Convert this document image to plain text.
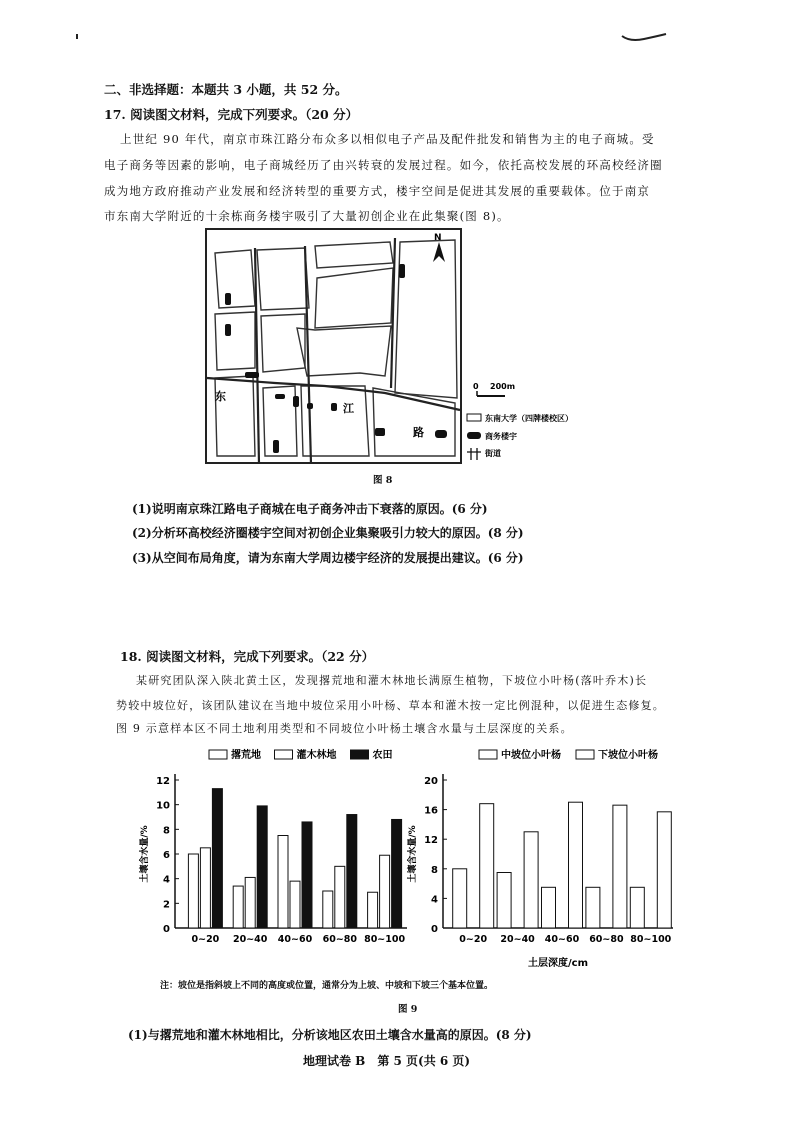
二、非选择题：本题共 3 小题，共 52 分。
17. 阅读图文材料，完成下列要求。（20 分）
上世纪 90 年代，南京市珠江路分布众多以相似电子产品及配件批发和销售为主的电子商城。受
电子商务等因素的影响，电子商城经历了由兴转衰的发展过程。如今，依托高校发展的环高校经济圈
成为地方政府推动产业发展和经济转型的重要方式，楼宇空间是促进其发展的重要载体。位于南京
市东南大学附近的十余栋商务楼宇吸引了大量初创企业在此集聚(图 8)。
东
江
路
N
0 200m
东南大学（四牌楼校区）
商务楼宇
街道
图 8
(1)说明南京珠江路电子商城在电子商务冲击下衰落的原因。(6 分)
(2)分析环高校经济圈楼宇空间对初创企业集聚吸引力较大的原因。(8 分)
(3)从空间布局角度，请为东南大学周边楼宇经济的发展提出建议。(6 分)
18. 阅读图文材料，完成下列要求。（22 分）
某研究团队深入陕北黄土区，发现撂荒地和灌木林地长满原生植物，下坡位小叶杨(落叶乔木)长
势较中坡位好，该团队建议在当地中坡位采用小叶杨、草本和灌木按一定比例混种，以促进生态修复。
图 9 示意样本区不同土地利用类型和不同坡位小叶杨土壤含水量与土层深度的关系。
0
2
4
6
8
10
12
土壤含水量/%
0~20 20~40 40~60 60~80 80~100
撂荒地	灌木林地	农田
0
4
8
12
16
20
土壤含水量/%
0~20 20~40 40~60 60~80 80~100
中坡位小叶杨	下坡位小叶杨
土层深度/cm
注：坡位是指斜坡上不同的高度或位置，通常分为上坡、中坡和下坡三个基本位置。
图 9
(1)与撂荒地和灌木林地相比，分析该地区农田土壤含水量高的原因。(8 分)
地理试卷 B　第 5 页(共 6 页)
